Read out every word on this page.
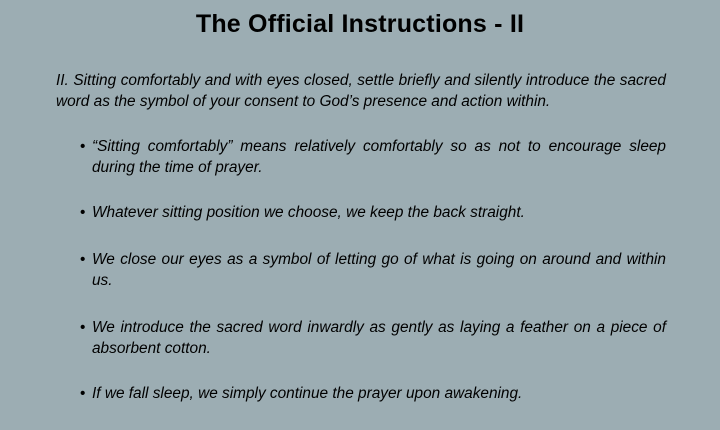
The Official Instructions - II
II. Sitting comfortably and with eyes closed, settle briefly and silently introduce the sacred word as the symbol of your consent to God’s presence and action within.
• “Sitting comfortably” means relatively comfortably so as not to encourage sleep during the time of prayer.
• Whatever sitting position we choose, we keep the back straight.
• We close our eyes as a symbol of letting go of what is going on around and within us.
• We introduce the sacred word inwardly as gently as laying a feather on a piece of absorbent cotton.
• If we fall sleep, we simply continue the prayer upon awakening.
